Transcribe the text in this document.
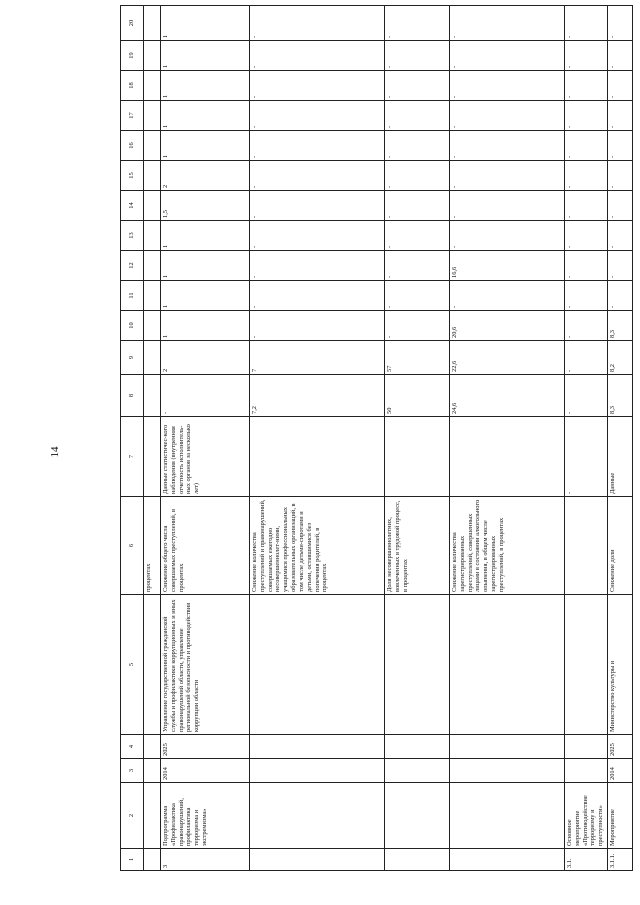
14
1	2	3	4	5	6	7	8	9	10	11	12	13	14	15	16	17	18	19	20
					процентах														
3	Подпрограмма «Профилактика правонарушений, профилактика терроризма и экстремизма»	2014	2025	Управление государственной гражданской службы и профилактики коррупционных и иных правонарушений области, управление региональной безопасности и противодействия коррупции области	Снижение общего числа совершаемых преступлений, в процентах	Данные статистичес-кого наблюдения (внутренняя отчетность исполнитель-ных органов за несколько лет)	-	2	1	1	1	1	1,5	2	1	1	1	1	1
					Снижение количества преступлений и правонарушений, совершаемых ежегодно несовершеннолет-ними, учащимися профессиональных образовательных организаций, в том числе детьми-сиротами и детьми, оставшимися без попечения родителей, в процентах		7,2	7	-	-	-	-	-	-	-	-	-	-	-
					Доля несовершеннолетних, вовлеченных в трудовой процесс, в процентах		50	57	-	-	-	-	-	-	-	-	-	-	-
					Снижение количества зарегистрированных преступлений, совершенных лицами в состоянии алкогольного опьянения, в общем числе зарегистрированных преступлений, в процентах		24,6	22,6	20,6	-	16,6	-	-	-	-	-	-	-	-
3.1.	Основное мероприятие «Противодействие терроризму и преступности»					-	-	-	-	-	-	-	-	-	-	-	-	-	-
3.1.1.	Мероприятие	2014	2025	Министерство культуры и	Снижение доли	Данные	8,3	8,2	8,3	-	-	-	-	-	-	-	-	-	-
